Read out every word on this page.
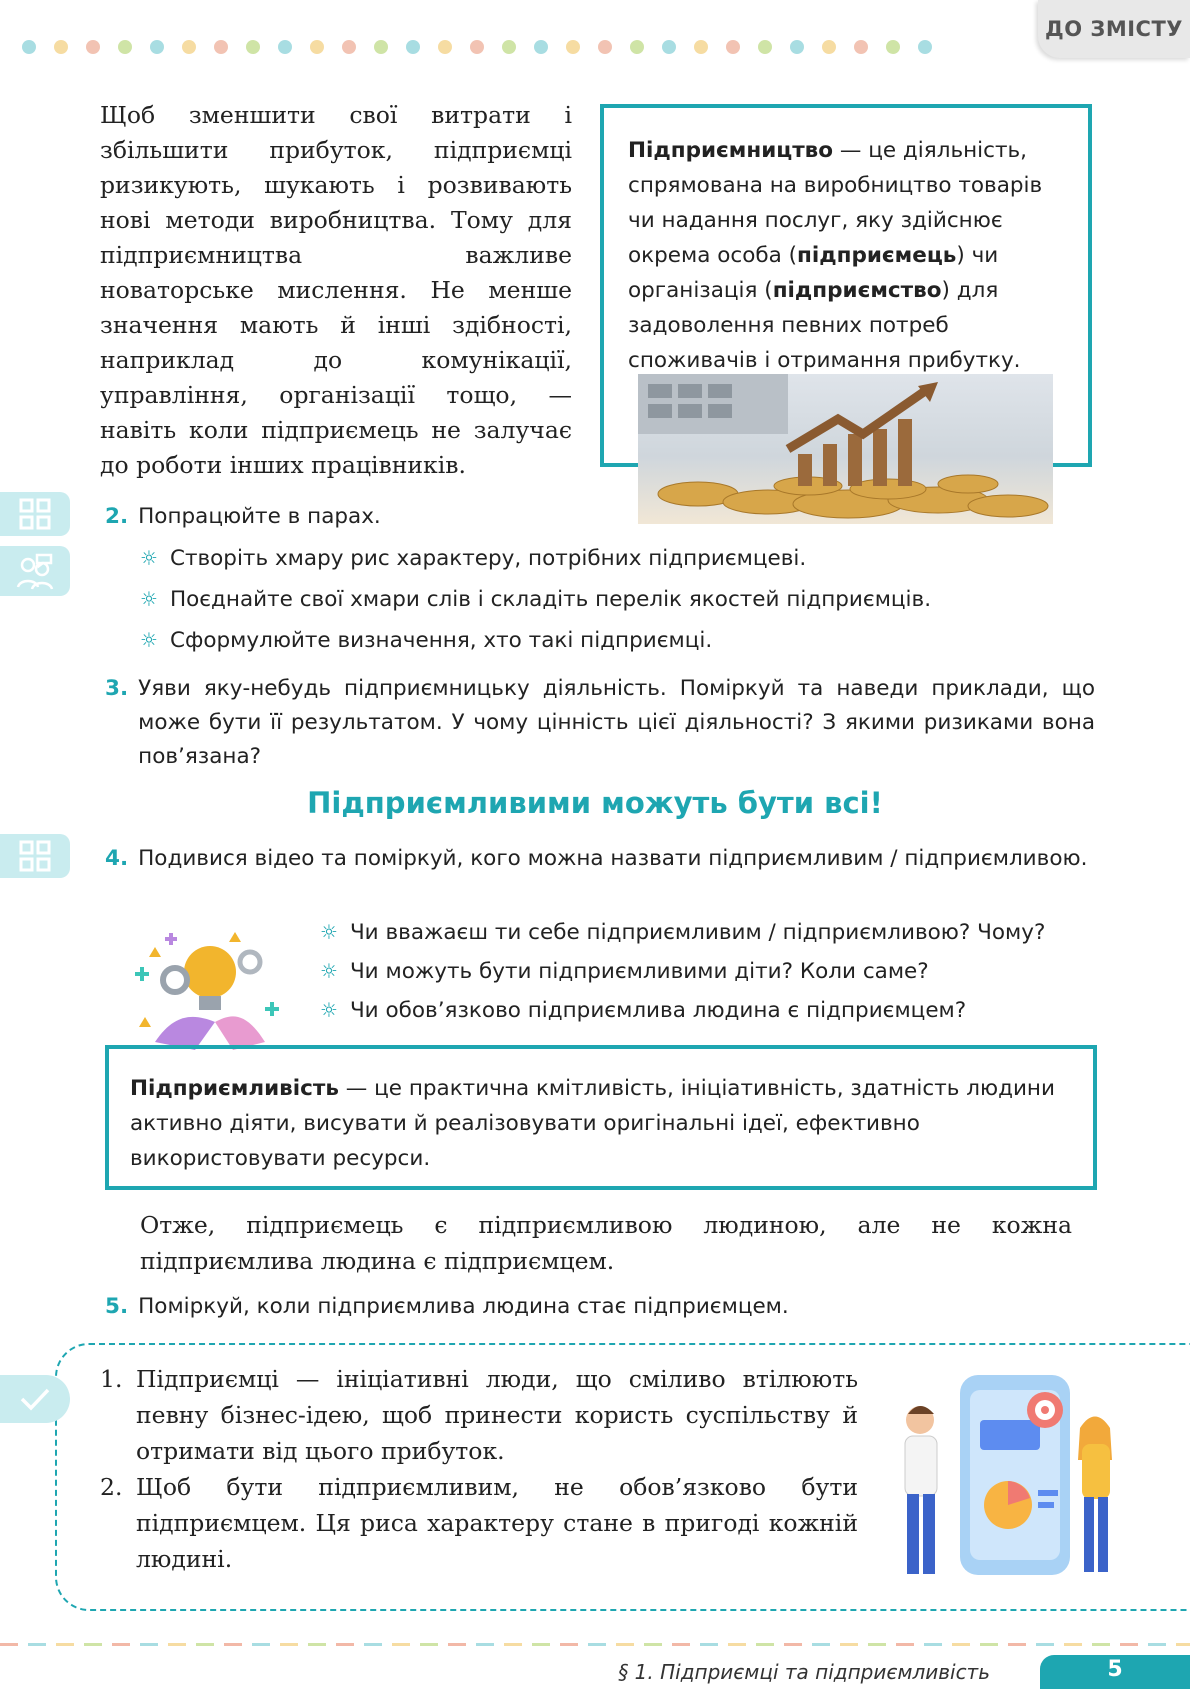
ДО ЗМІСТУ
Щоб зменшити свої витрати і збільшити прибуток, підприємці ризикують, шукають і розвивають нові методи виробництва. Тому для підприємництва важливе новаторське мислення. Не менше значення мають й інші здібності, наприклад до комунікації, управління, організації тощо, — навіть коли підприємець не залучає до роботи інших працівників.
Підприємництво — це діяльність, спрямована на виробництво товарів чи надання послуг, яку здійснює окрема особа (підприємець) чи організація (підприємство) для задоволення певних потреб споживачів і отримання прибутку.
2. Попрацюйте в парах.
☼ Створіть хмару рис характеру, потрібних підприємцеві.
☼ Поєднайте свої хмари слів і складіть перелік якостей підприємців.
☼ Сформулюйте визначення, хто такі підприємці.
3. Уяви яку-небудь підприємницьку діяльність. Поміркуй та наведи приклади, що може бути її результатом. У чому цінність цієї діяльності? З якими ризиками вона пов’язана?
Підприємливими можуть бути всі!
4. Подивися відео та поміркуй, кого можна назвати підприємливим / підприємливою.
☼ Чи вважаєш ти себе підприємливим / підприємливою? Чому?
☼ Чи можуть бути підприємливими діти? Коли саме?
☼ Чи обов’язково підприємлива людина є підприємцем?
Підприємливість — це практична кмітливість, ініціативність, здатність людини активно діяти, висувати й реалізовувати оригінальні ідеї, ефективно використовувати ресурси.
Отже, підприємець є підприємливою людиною, але не кожна підприємлива людина є підприємцем.
5. Поміркуй, коли підприємлива людина стає підприємцем.
1. Підприємці — ініціативні люди, що сміливо втілюють певну бізнес-ідею, щоб принести користь суспільству й отримати від цього прибуток.
2. Щоб бути підприємливим, не обов’язково бути підприємцем. Ця риса характеру стане в пригоді кожній людині.
§ 1. Підприємці та підприємливість	5
